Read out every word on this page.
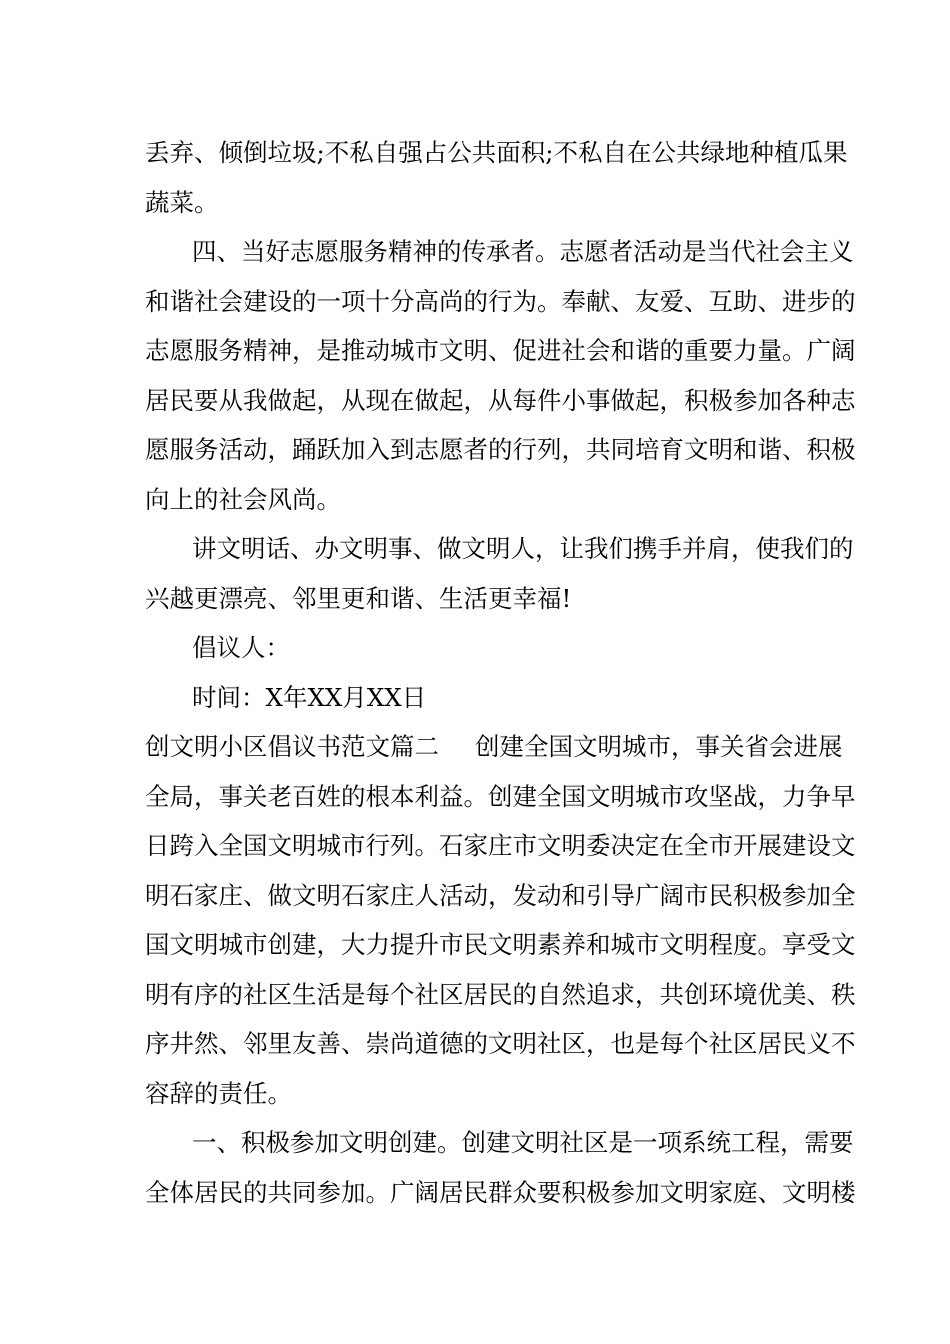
丢弃、倾倒垃圾;不私自强占公共面积;不私自在公共绿地种植瓜果
蔬菜。
四、当好志愿服务精神的传承者。志愿者活动是当代社会主义
和谐社会建设的一项十分高尚的行为。奉献、友爱、互助、进步的
志愿服务精神，是推动城市文明、促进社会和谐的重要力量。广阔
居民要从我做起，从现在做起，从每件小事做起，积极参加各种志
愿服务活动，踊跃加入到志愿者的行列，共同培育文明和谐、积极
向上的社会风尚。
讲文明话、办文明事、做文明人，让我们携手并肩，使我们的
兴越更漂亮、邻里更和谐、生活更幸福!
倡议人：
时间：X年XX月XX日
创文明小区倡议书范文篇二 创建全国文明城市，事关省会进展
全局，事关老百姓的根本利益。创建全国文明城市攻坚战，力争早
日跨入全国文明城市行列。石家庄市文明委决定在全市开展建设文
明石家庄、做文明石家庄人活动，发动和引导广阔市民积极参加全
国文明城市创建，大力提升市民文明素养和城市文明程度。享受文
明有序的社区生活是每个社区居民的自然追求，共创环境优美、秩
序井然、邻里友善、崇尚道德的文明社区，也是每个社区居民义不
容辞的责任。
一、积极参加文明创建。创建文明社区是一项系统工程，需要
全体居民的共同参加。广阔居民群众要积极参加文明家庭、文明楼
